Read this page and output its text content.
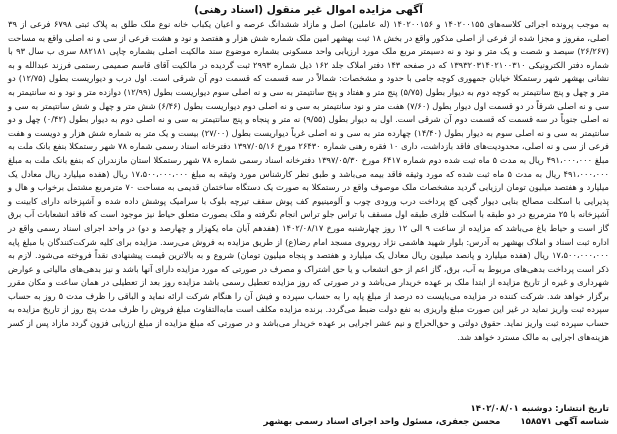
آگهی مزایده اموال غیر منقول (اسناد رهنی)

به موجب پرونده اجرائی کلاسه‌های ۱۴۰۲۰۰۱۵۵ و ۱۴۰۲۰۰۱۵۶ (له عاملین) اصل و مازاد ششدانگ عرصه و اعیان یکباب خانه نوع ملک طلق به پلاک ثبتی ۶۷۹۸ فرعی از ۳۹ اصلی، مفروز و مجزا شده از فرعی از اصلی مذکور واقع در بخش ۱۸ ثبت بهشهر امین ملک شماره شش هزار و هفتصد و نود و هشت فرعی از سی و نه اصلی واقع به مساحت (۲۶/۲۶۷) سیصد و شصت و یک متر و نود و نه دسیمتر مربع ملک مورد ارزیابی واحد مسکونی بشماره موضوع سند مالکیت اصلی بشماره چاپی ۸۸۲۱۸۱ سری ب سال ۹۳ با شماره دفتر الکترونیکی ۱۳۹۳۲۰۳۱۴۰۲۱۰۰۳۱۰ که در صفحه ۱۴۳ دفتر املاک جلد ۱۶۲ ذیل شماره ۲۹۹۳ ثبت گردیده در مالکیت آقای قاسم صمیمی رستمی فرزند عبدالله و به نشانی بهشهر شهر رستمکلا خیابان جمهوری کوچه جامی با حدود و مشخصات: شمالاً در سه قسمت که قسمت دوم آن شرقی است. اول درب و دیواریست بطول (۱۲/۷۵) دو متر و چهل و پنج سانتیمتر به کوچه دوم به دیوار بطول (۵/۷۵) پنج متر و هفتاد و پنج سانتیمتر به سی و نه اصلی سوم دیواریست بطول (۱۲/۹۹) دوازده متر و نود و نه سانتیمتر به سی و نه اصلی شرقاً در دو قسمت اول دیوار بطول (۷/۶۰) هفت متر و نود سانتیمتر به سی و نه اصلی دوم دیواریست بطول (۶/۴۶) شش متر و چهل و شش سانتیمتر به سی و نه اصلی جنوباً در سه قسمت که قسمت دوم آن شرقی است. اول به دیوار بطول (۹/۵۵) نه متر و پنجاه و پنج سانتیمتر به سی و نه اصلی دوم به دیوار بطول (۰/۴۲) چهل و دو سانتیمتر به سی و نه اصلی سوم به دیوار بطول (۱۴/۴۰) چهارده متر به سی و نه اصلی غرباً دیواریست بطول (۲۷/۰۰) بیست و یک متر به شماره شش هزار و دویست و هفت فرعی از سی و نه اصلی، محدودیت‌های فاقد بازداشت، داری ۱۰ فقره رهنی شماره ۲۶۴۳۰ مورخ ۱۳۹۷/۰۵/۱۶ دفترخانه اسناد رسمی شماره ۷۸ شهر رستمکلا بنفع بانک ملت به مبلغ ۴۹۱،۰۰۰،۰۰۰ ریال به مدت ۵ ماه ثبت شده دوم شماره ۶۴۱۷ مورخ ۱۳۹۷/۰۵/۳۰ دفترخانه اسناد رسمی شماره ۷۸ شهر رستمکلا استان مازندران که بنفع بانک ملت به مبلغ ۴۹۱،۰۰۰،۰۰۰ ریال به مدت ۵ ماه ثبت شده که مورد وثیقه فاقد بیمه می‌باشد و طبق نظر کارشناس مورد وثیقه به مبلغ ۱۷،۵۰۰،۰۰۰،۰۰۰ ریال (هفده میلیارد ریال معادل یک میلیارد و هفتصد میلیون تومان ارزیابی گردید مشخصات ملک موصوف واقع در رستمکلا به صورت یک دستگاه ساختمان قدیمی به مساحت ۷۰ مترمربع مشتمل برخواب و هال و پذیرایی با اسکلت مصالح بنایی دیوار گچی کچ پرداخت درب ورودی چوب و آلومینیوم کف پوش سقف تیرچه بلوک با سرامیک پوشش داده شده و آشپزخانه دارای کابینت و آشپزخانه با ۲۵ مترمربع در دو طبقه با اسکلت فلزی طبقه اول مسقف با تراس جلو تراس انجام نگرفته و ملک بصورت متعلق حیاط نیز موجود است که فاقد انشعابات آب برق گاز است و حیاط باغ می‌باشد که مزایده از ساعت ۹ الی ۱۲ روز چهارشنبه مورخ ۱۴۰۲/۰۸/۱۷ (هفدهم آبان ماه یکهزار و چهارصد و دو) در واحد اجرای اسناد رسمی واقع در اداره ثبت اسناد و املاک بهشهر به آدرس: بلوار شهید هاشمی نژاد روبروی مسجد امام رضا(ع) از طریق مزایده به فروش می‌رسد. مزایده برای کلیه شرکت‌کنندگان با مبلغ پایه ۱۷،۵۰۰،۰۰۰،۰۰۰ ریال (هفده میلیارد و پانصد میلیون ریال معادل یک میلیارد و هفتصد و پنجاه میلیون تومان) شروع و به بالاترین قیمت پیشنهادی نقداً فروخته می‌شود. لازم به ذکر است پرداخت بدهی‌های مربوط به آب، برق، گاز اعم از حق انشعاب و یا حق اشتراک و مصرف در صورتی که مورد مزایده دارای آنها باشد و نیز بدهی‌های مالیاتی و عوارض شهرداری و غیره از تاریخ مزایده از ابتدا ملک بر عهده خریدار می‌باشد و در صورتی که روز مزایده تعطیل رسمی باشد مزایده روز بعد از تعطیلی در همان ساعت و مکان مقرر برگزار خواهد شد. شرکت کننده در مزایده می‌بایست ده درصد از مبلغ پایه را به حساب سپرده و فیش آن را هنگام شرکت ارائه نماید و الباقی را ظرف مدت ۵ روز به حساب سپرده ثبت واریز نماید در غیر این صورت مبلغ واریزی به نفع دولت ضبط می‌گردد. برنده مزایده مکلف است مابه‌التفاوت مبلغ فروش را ظرف مدت پنج روز از تاریخ مزایده به حساب سپرده ثبت واریز نماید. حقوق دولتی و حق‌الحراج و نیم عشر اجرایی بر عهده خریدار می‌باشد و در صورتی که مبلغ مزایده از مبلغ ارزیابی فزون گردد مازاد پس از کسر هزینه‌های اجرایی به مالک مسترد خواهد شد.

تاریخ انتشار: دوشنبه ۱۴۰۲/۰۸/۰۱
شناسه آگهی ۱۵۸۵۷۱  محسن جعفری، مسئول واحد اجرای اسناد رسمی بهشهر
